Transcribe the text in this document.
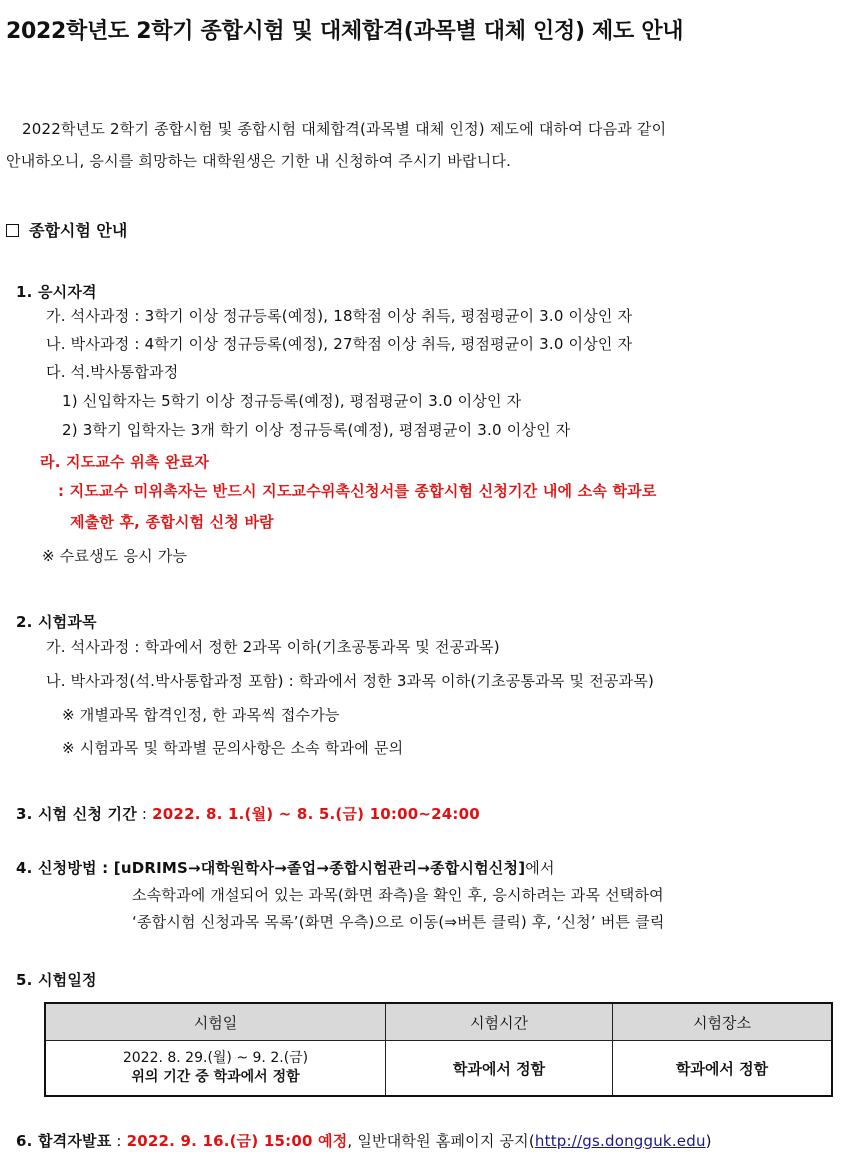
2022학년도 2학기 종합시험 및 대체합격(과목별 대체 인정) 제도 안내
2022학년도 2학기 종합시험 및 종합시험 대체합격(과목별 대체 인정) 제도에 대하여 다음과 같이
안내하오니, 응시를 희망하는 대학원생은 기한 내 신청하여 주시기 바랍니다.
종합시험 안내
1. 응시자격
가. 석사과정 : 3학기 이상 정규등록(예정), 18학점 이상 취득, 평점평균이 3.0 이상인 자
나. 박사과정 : 4학기 이상 정규등록(예정), 27학점 이상 취득, 평점평균이 3.0 이상인 자
다. 석.박사통합과정
1) 신입학자는 5학기 이상 정규등록(예정), 평점평균이 3.0 이상인 자
2) 3학기 입학자는 3개 학기 이상 정규등록(예정), 평점평균이 3.0 이상인 자
라. 지도교수 위촉 완료자
: 지도교수 미위촉자는 반드시 지도교수위촉신청서를 종합시험 신청기간 내에 소속 학과로
제출한 후, 종합시험 신청 바람
※ 수료생도 응시 가능
2. 시험과목
가. 석사과정 : 학과에서 정한 2과목 이하(기초공통과목 및 전공과목)
나. 박사과정(석.박사통합과정 포함) : 학과에서 정한 3과목 이하(기초공통과목 및 전공과목)
※ 개별과목 합격인정, 한 과목씩 접수가능
※ 시험과목 및 학과별 문의사항은 소속 학과에 문의
3. 시험 신청 기간 : 2022. 8. 1.(월) ~ 8. 5.(금) 10:00~24:00
4. 신청방법 : [uDRIMS→대학원학사→졸업→종합시험관리→종합시험신청]에서
소속학과에 개설되어 있는 과목(화면 좌측)을 확인 후, 응시하려는 과목 선택하여
‘종합시험 신청과목 목록’(화면 우측)으로 이동(⇒버튼 클릭) 후, ‘신청’ 버튼 클릭
5. 시험일정
시험일	시험시간	시험장소

2022. 8. 29.(월) ~ 9. 2.(금)
위의 기간 중 학과에서 정함	학과에서 정함	학과에서 정함
6. 합격자발표 : 2022. 9. 16.(금) 15:00 예정, 일반대학원 홈페이지 공지(http://gs.dongguk.edu)
